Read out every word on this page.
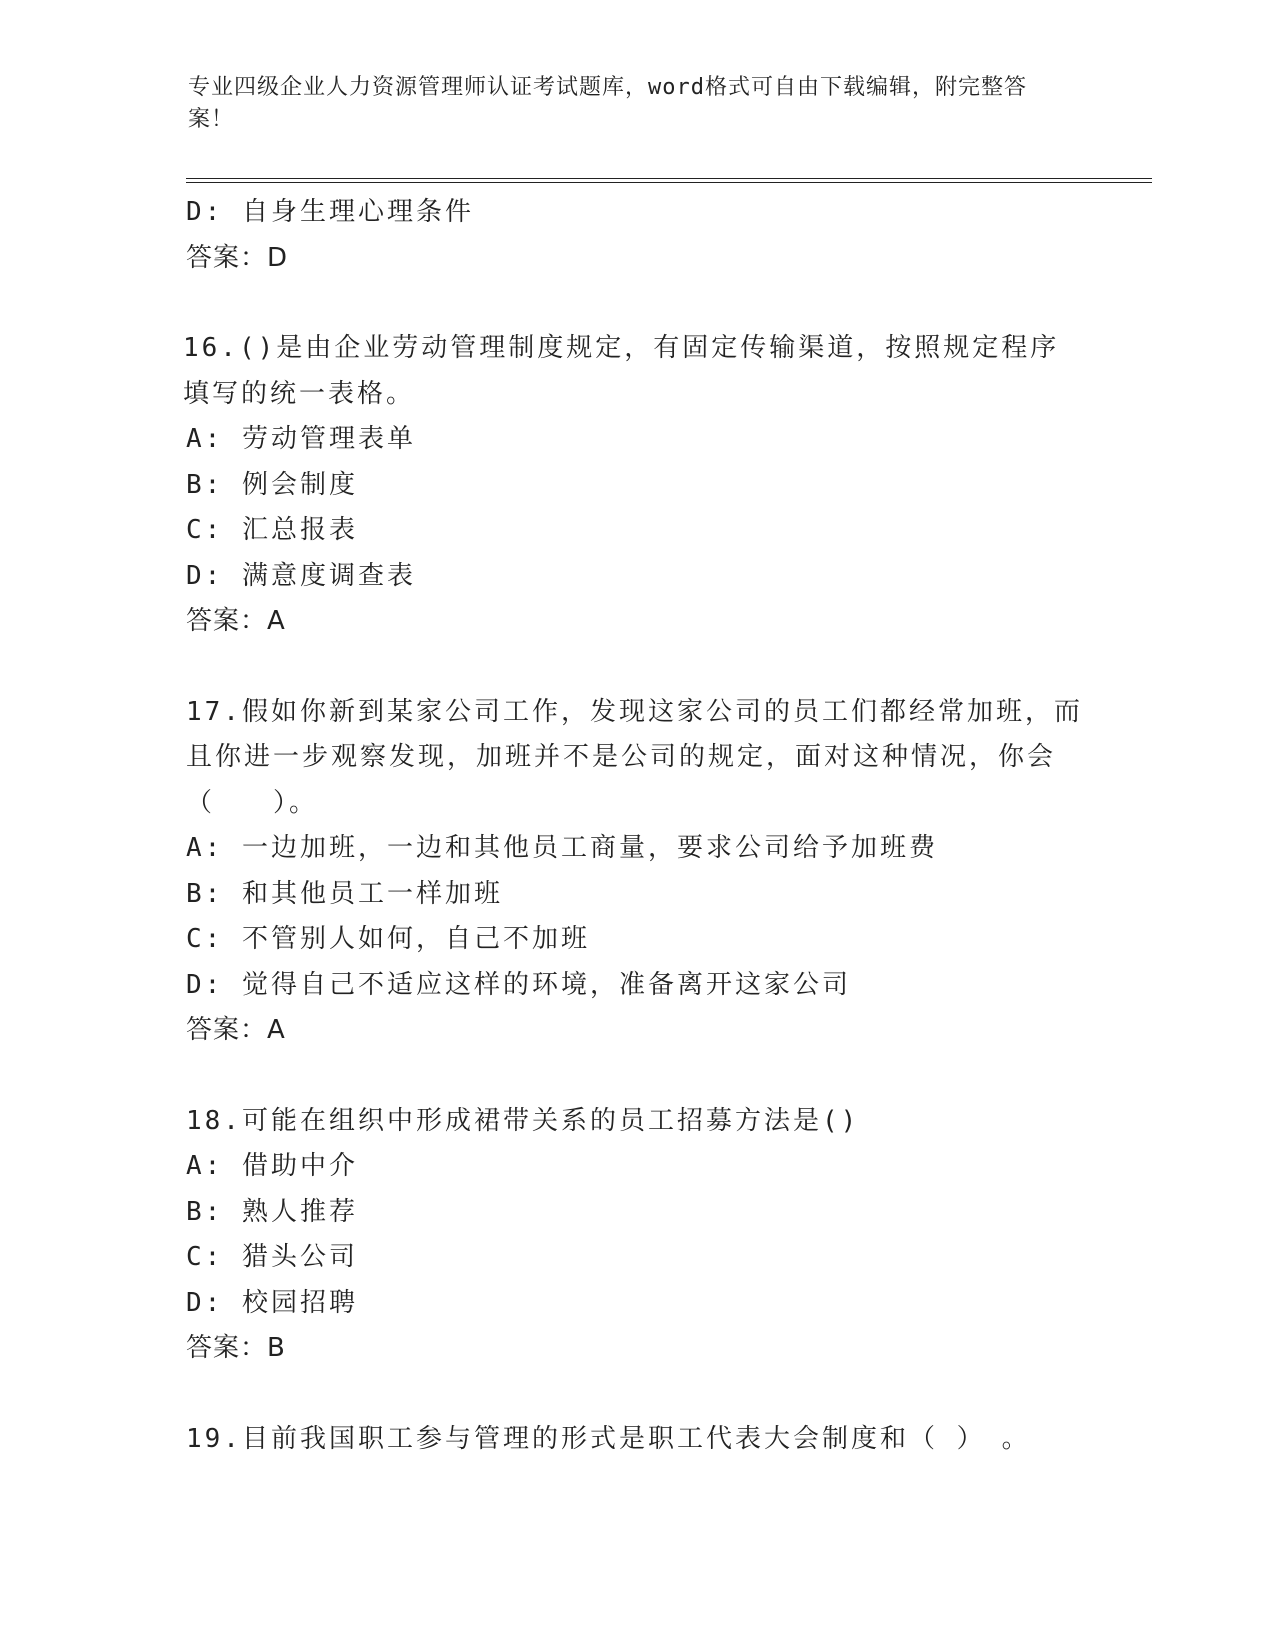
专业四级企业人力资源管理师认证考试题库，word格式可自由下载编辑，附完整答案！

D: 自身生理心理条件

答案：D

16.()是由企业劳动管理制度规定，有固定传输渠道，按照规定程序填写的统一表格。

A: 劳动管理表单

B: 例会制度

C: 汇总报表

D: 满意度调查表

答案：A

17.假如你新到某家公司工作，发现这家公司的员工们都经常加班，而且你进一步观察发现，加班并不是公司的规定，面对这种情况，你会（　　）。

A: 一边加班，一边和其他员工商量，要求公司给予加班费

B: 和其他员工一样加班

C: 不管别人如何，自己不加班

D: 觉得自己不适应这样的环境，准备离开这家公司

答案：A

18.可能在组织中形成裙带关系的员工招募方法是()

A: 借助中介

B: 熟人推荐

C: 猎头公司

D: 校园招聘

答案：B

19.目前我国职工参与管理的形式是职工代表大会制度和（ ）　。
